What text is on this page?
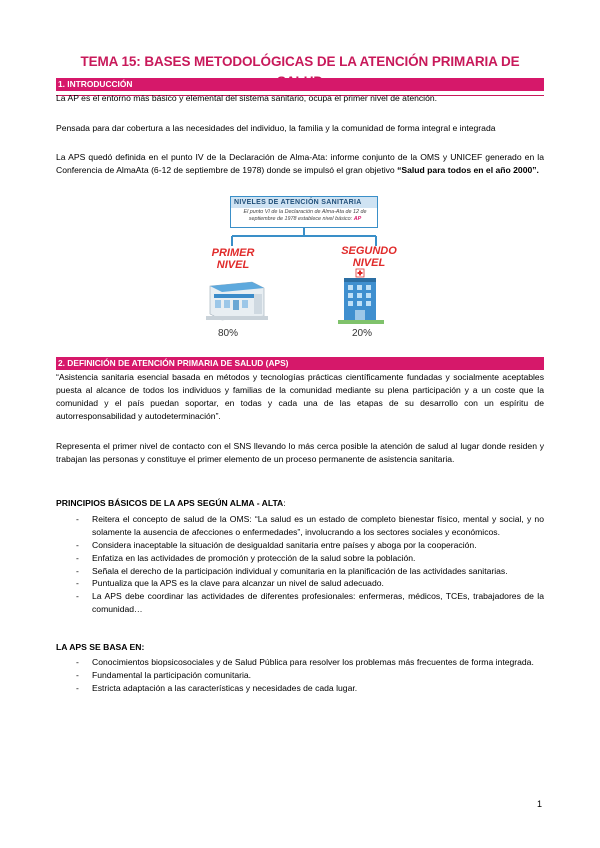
TEMA 15: BASES METODOLÓGICAS DE LA ATENCIÓN PRIMARIA DE
1. INTRODUCCIÓN
La AP es el entorno más básico y elemental del sistema sanitario, ocupa el primer nivel de atención.
Pensada para dar cobertura a las necesidades del individuo, la familia y la comunidad de forma integral e integrada
La APS quedó definida en el punto IV de la Declaración de Alma-Ata: informe conjunto de la OMS y UNICEF generado en la Conferencia de AlmaAta (6-12 de septiembre de 1978) donde se impulsó el gran objetivo “Salud para todos en el año 2000”.
NIVELES DE ATENCIÓN SANITARIA
El punto VI de la Declaración de Alma-Ata de 12 de septiembre de 1978 establece nivel básico: AP
PRIMER
NIVEL
SEGUNDO
NIVEL
80%	20%
2. DEFINICIÓN DE ATENCIÓN PRIMARIA DE SALUD (APS)
“Asistencia sanitaria esencial basada en métodos y tecnologías prácticas científicamente fundadas y socialmente aceptables puesta al alcance de todos los individuos y familias de la comunidad mediante su plena participación y a un coste que la comunidad y el país puedan soportar, en todas y cada una de las etapas de su desarrollo con un espíritu de autorresponsabilidad y autodeterminación”.
Representa el primer nivel de contacto con el SNS llevando lo más cerca posible la atención de salud al lugar donde residen y trabajan las personas y constituye el primer elemento de un proceso permanente de asistencia sanitaria.
PRINCIPIOS BÁSICOS DE LA APS SEGÚN ALMA - ALTA:
- Reitera el concepto de salud de la OMS: “La salud es un estado de completo bienestar físico, mental y social, y no solamente la ausencia de afecciones o enfermedades”, involucrando a los sectores sociales y económicos.
- Considera inaceptable la situación de desigualdad sanitaria entre países y aboga por la cooperación.
- Enfatiza en las actividades de promoción y protección de la salud sobre la población.
- Señala el derecho de la participación individual y comunitaria en la planificación de las actividades sanitarias.
- Puntualiza que la APS es la clave para alcanzar un nivel de salud adecuado.
- La APS debe coordinar las actividades de diferentes profesionales: enfermeras, médicos, TCEs, trabajadores de la comunidad…
LA APS SE BASA EN:
- Conocimientos biopsicosociales y de Salud Pública para resolver los problemas más frecuentes de forma integrada.
- Fundamental la participación comunitaria.
- Estricta adaptación a las características y necesidades de cada lugar.
1
